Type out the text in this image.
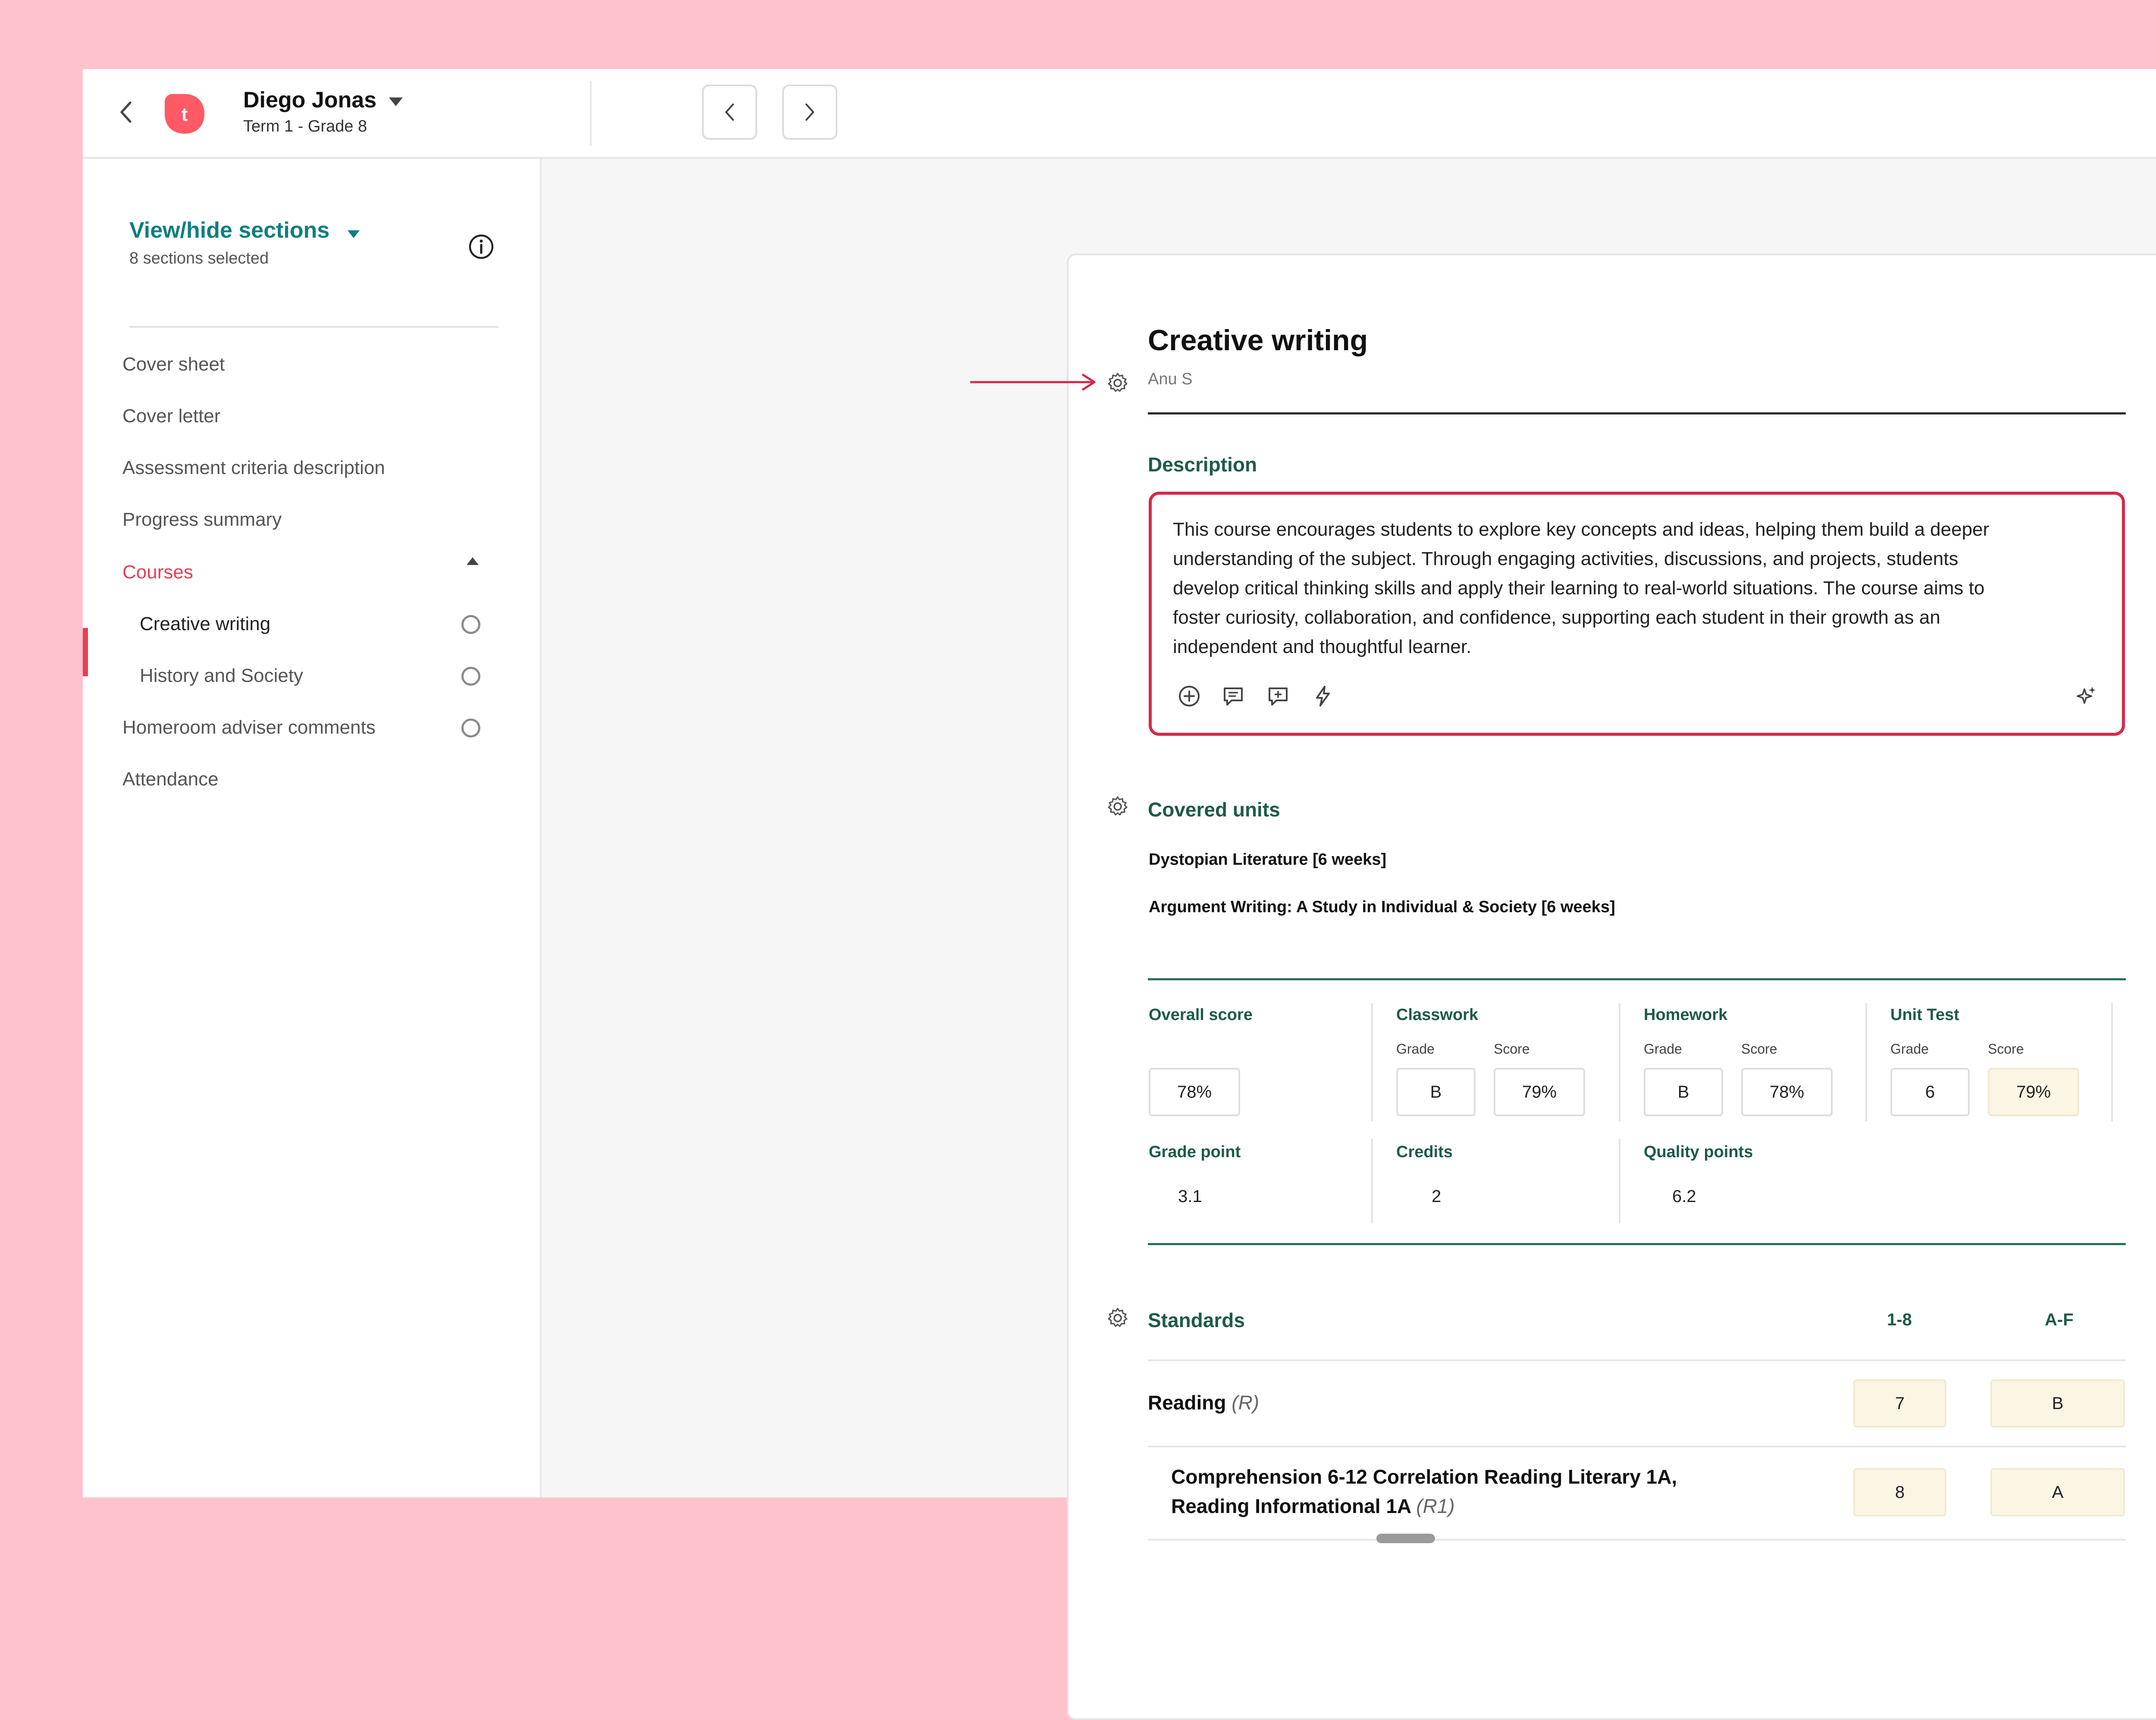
t
Diego Jonas
Term 1 - Grade 8
View/hide sections
8 sections selected
Cover sheet
Cover letter
Assessment criteria description
Progress summary
Courses
Creative writing
History and Society
Homeroom adviser comments
Attendance
Creative writing
Anu S
Description
This course encourages students to explore key concepts and ideas, helping them build a deeper
understanding of the subject. Through engaging activities, discussions, and projects, students
develop critical thinking skills and apply their learning to real-world situations. The course aims to
foster curiosity, collaboration, and confidence, supporting each student in their growth as an
independent and thoughtful learner.
Covered units
Dystopian Literature [6 weeks]
Argument Writing: A Study in Individual & Society [6 weeks]
Overall score	Classwork	Homework	Unit Test
Grade	Score	Grade	Score	Grade	Score
78%	B	79%	B	78%	6	79%
Grade point	Credits	Quality points
3.1	2	6.2
Standards	1-8	A-F
Reading (R)	7	B
Comprehension 6-12 Correlation Reading Literary 1A,
Reading Informational 1A (R1)
8	A
